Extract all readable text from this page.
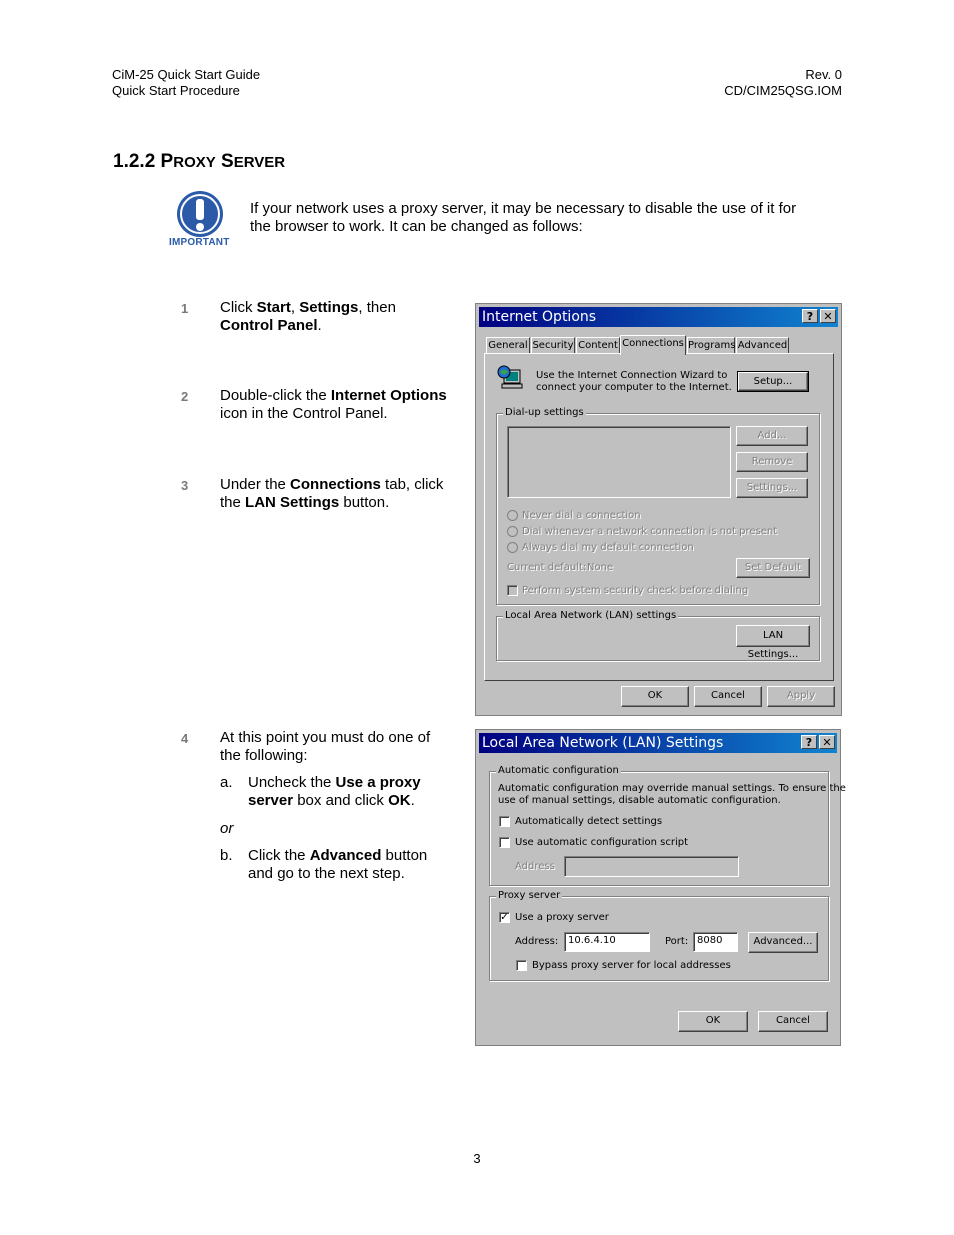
CiM-25 Quick Start Guide
Quick Start Procedure
Rev. 0
CD/CIM25QSG.IOM
1.2.2 PROXY SERVER
IMPORTANT
If your network uses a proxy server, it may be necessary to disable the use of it for
the browser to work. It can be changed as follows:
1 Click Start, Settings, then
Control Panel.
2 Double-click the Internet Options
icon in the Control Panel.
3 Under the Connections tab, click
the LAN Settings button.
4 At this point you must do one of
the following:
a. Uncheck the Use a proxy
server box and click OK.
or
b. Click the Advanced button
and go to the next step.
Internet Options	? ✕
General Security Content Connections Programs Advanced
Use the Internet Connection Wizard to
connect your computer to the Internet.
Setup...
Dial-up settings
Add...
Remove
Settings...
Never dial a connection
Dial whenever a network connection is not present
Always dial my default connection
Current default: None	Set Default
Perform system security check before dialing
Local Area Network (LAN) settings
LAN Settings...
OK	Cancel	Apply
Local Area Network (LAN) Settings	? ✕
Automatic configuration
Automatic configuration may override manual settings. To ensure the
use of manual settings, disable automatic configuration.
Automatically detect settings
Use automatic configuration script
Address
Proxy server
✓ Use a proxy server
Address: 10.6.4.10	Port: 8080	Advanced...
Bypass proxy server for local addresses
OK	Cancel
3
